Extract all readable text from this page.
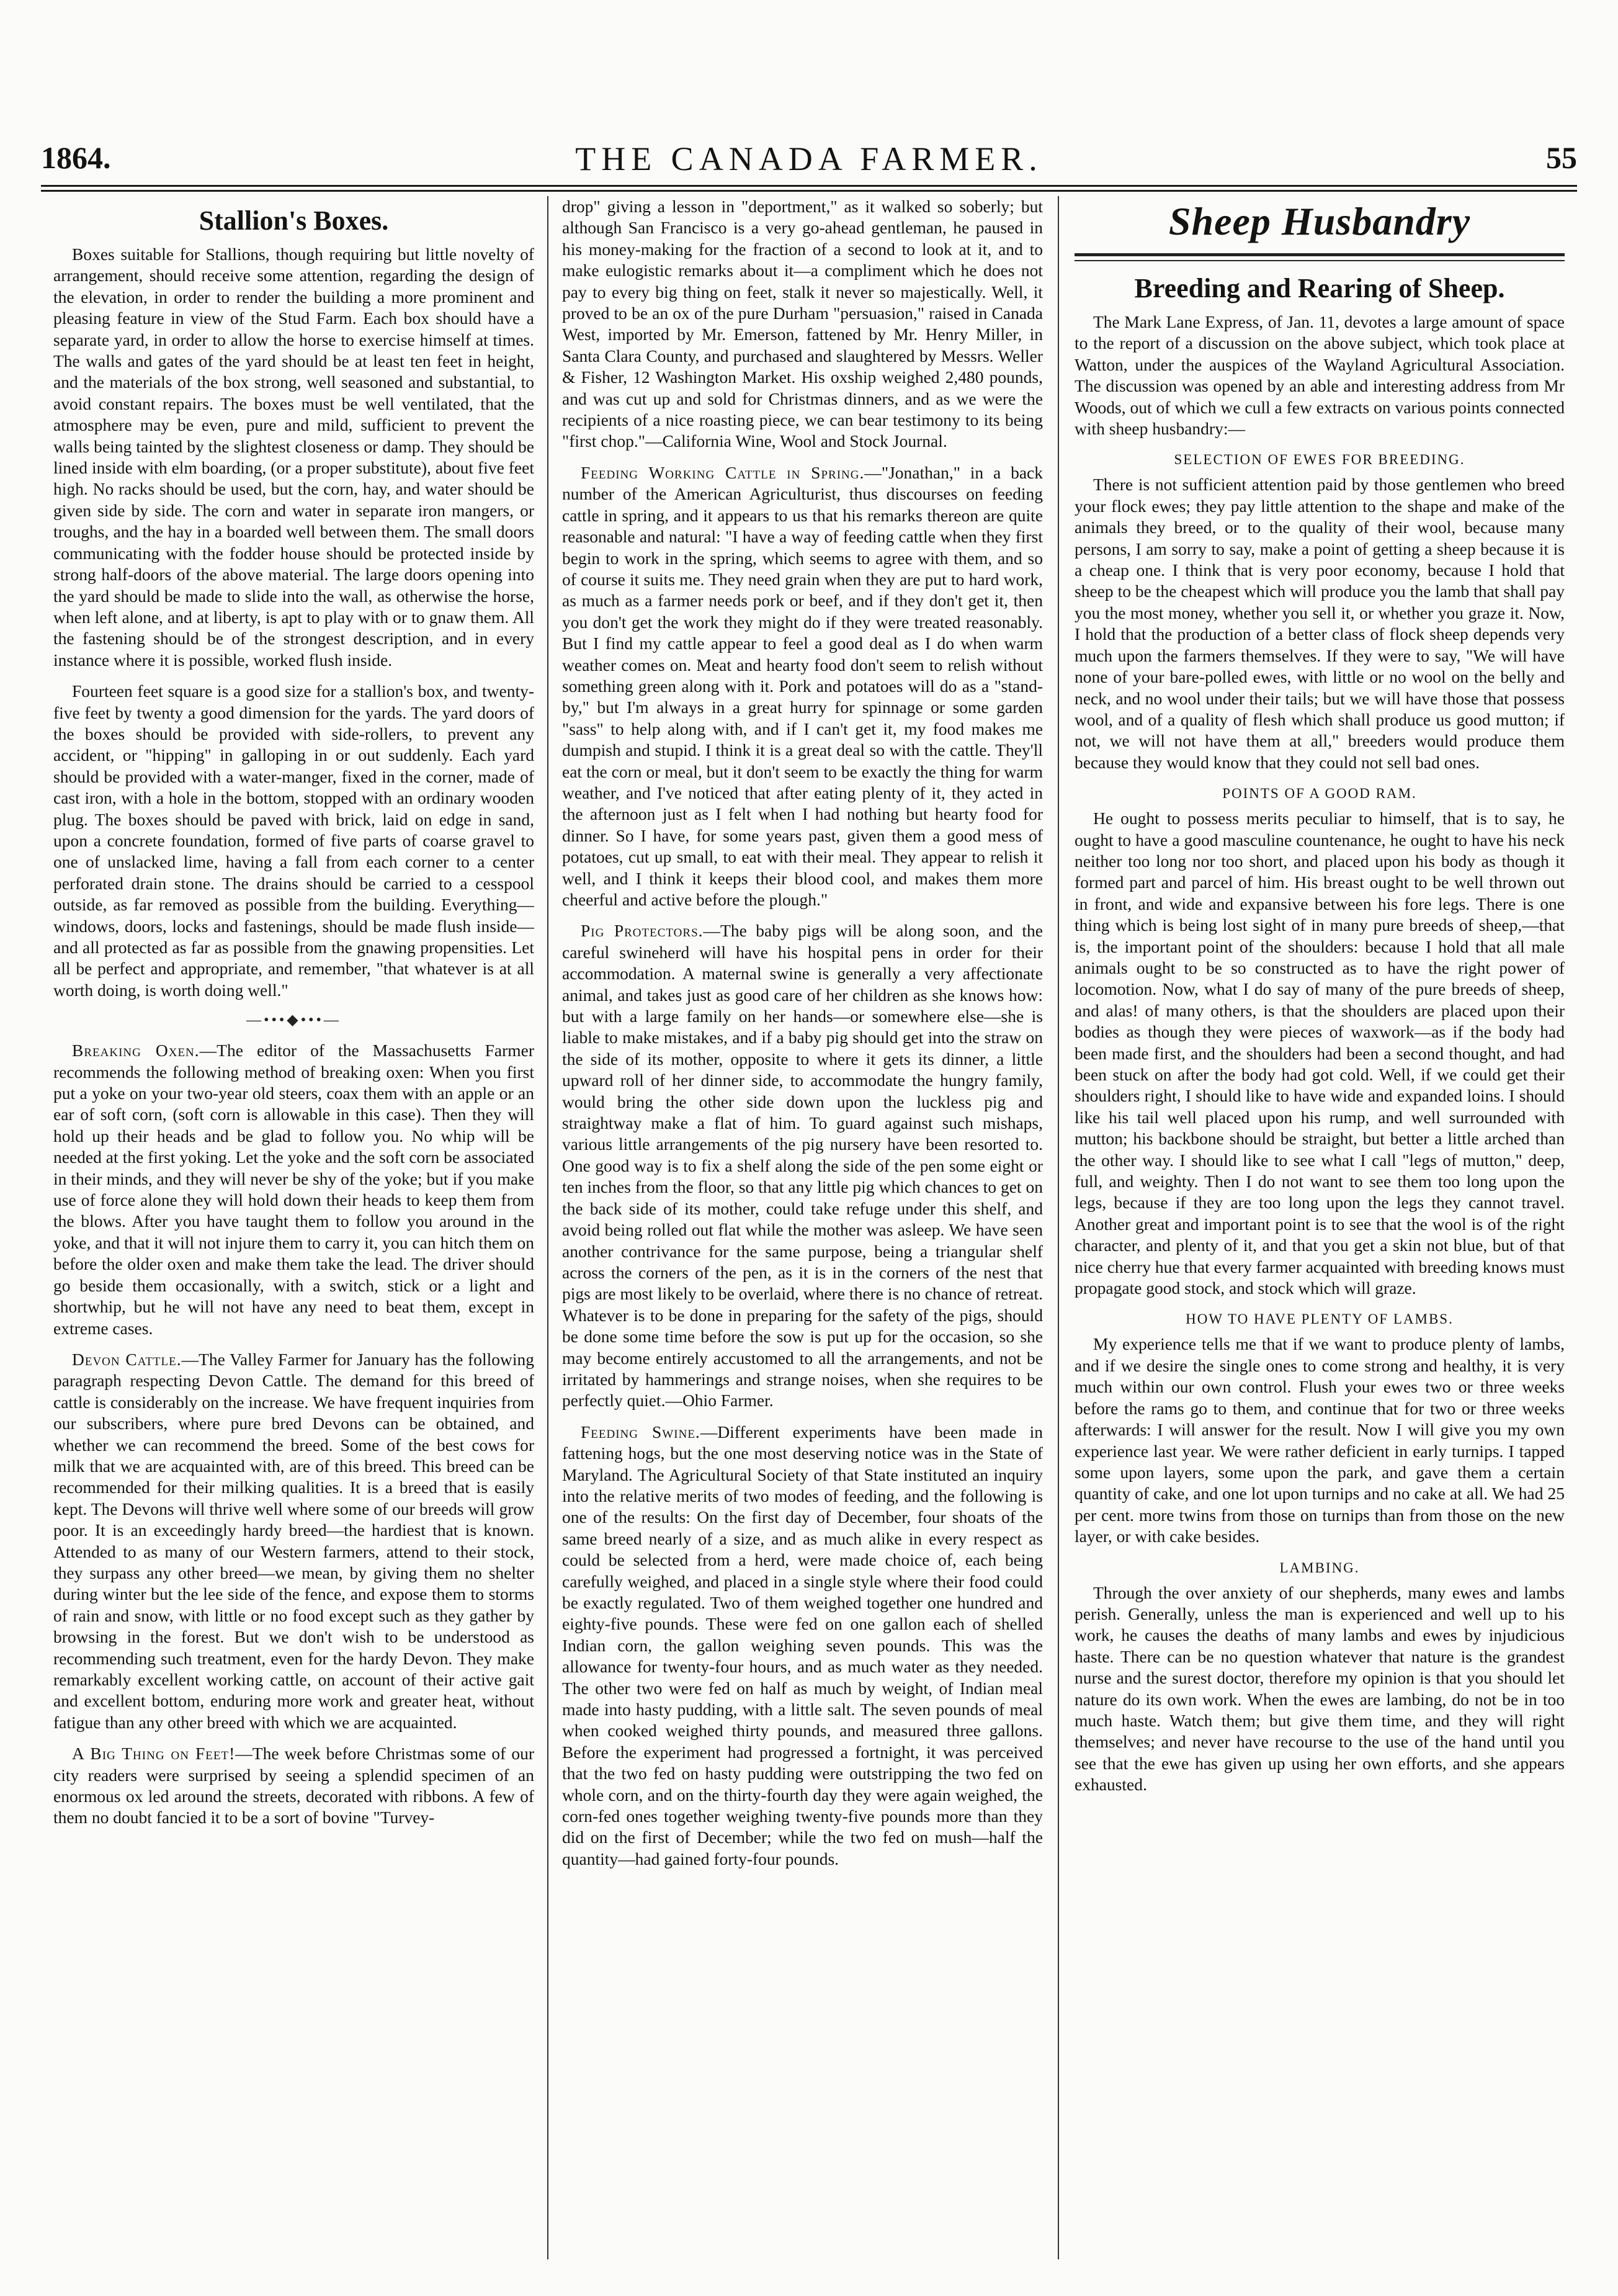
1864.	THE CANADA FARMER.	55
Stallion's Boxes.

Boxes suitable for Stallions, though requiring but little novelty of arrangement, should receive some attention, regarding the design of the elevation, in order to render the building a more prominent and pleasing feature in view of the Stud Farm. Each box should have a separate yard, in order to allow the horse to exercise himself at times. The walls and gates of the yard should be at least ten feet in height, and the materials of the box strong, well seasoned and substantial, to avoid constant repairs. The boxes must be well ventilated, that the atmosphere may be even, pure and mild, sufficient to prevent the walls being tainted by the slightest closeness or damp. They should be lined inside with elm boarding, (or a proper substitute), about five feet high. No racks should be used, but the corn, hay, and water should be given side by side. The corn and water in separate iron mangers, or troughs, and the hay in a boarded well between them. The small doors communicating with the fodder house should be protected inside by strong half-doors of the above material. The large doors opening into the yard should be made to slide into the wall, as otherwise the horse, when left alone, and at liberty, is apt to play with or to gnaw them. All the fastening should be of the strongest description, and in every instance where it is possible, worked flush inside.

Fourteen feet square is a good size for a stallion's box, and twenty-five feet by twenty a good dimension for the yards. The yard doors of the boxes should be provided with side-rollers, to prevent any accident, or "hipping" in galloping in or out suddenly. Each yard should be provided with a water-manger, fixed in the corner, made of cast iron, with a hole in the bottom, stopped with an ordinary wooden plug. The boxes should be paved with brick, laid on edge in sand, upon a concrete foundation, formed of five parts of coarse gravel to one of unslacked lime, having a fall from each corner to a center perforated drain stone. The drains should be carried to a cesspool outside, as far removed as possible from the building. Everything—windows, doors, locks and fastenings, should be made flush inside—and all protected as far as possible from the gnawing propensities. Let all be perfect and appropriate, and remember, "that whatever is at all worth doing, is worth doing well."

—•••◆•••—

Breaking Oxen.—The editor of the Massachusetts Farmer recommends the following method of breaking oxen: When you first put a yoke on your two-year old steers, coax them with an apple or an ear of soft corn, (soft corn is allowable in this case). Then they will hold up their heads and be glad to follow you. No whip will be needed at the first yoking. Let the yoke and the soft corn be associated in their minds, and they will never be shy of the yoke; but if you make use of force alone they will hold down their heads to keep them from the blows. After you have taught them to follow you around in the yoke, and that it will not injure them to carry it, you can hitch them on before the older oxen and make them take the lead. The driver should go beside them occasionally, with a switch, stick or a light and shortwhip, but he will not have any need to beat them, except in extreme cases.

Devon Cattle.—The Valley Farmer for January has the following paragraph respecting Devon Cattle. The demand for this breed of cattle is considerably on the increase. We have frequent inquiries from our subscribers, where pure bred Devons can be obtained, and whether we can recommend the breed. Some of the best cows for milk that we are acquainted with, are of this breed. This breed can be recommended for their milking qualities. It is a breed that is easily kept. The Devons will thrive well where some of our breeds will grow poor. It is an exceedingly hardy breed—the hardiest that is known. Attended to as many of our Western farmers, attend to their stock, they surpass any other breed—we mean, by giving them no shelter during winter but the lee side of the fence, and expose them to storms of rain and snow, with little or no food except such as they gather by browsing in the forest. But we don't wish to be understood as recommending such treatment, even for the hardy Devon. They make remarkably excellent working cattle, on account of their active gait and excellent bottom, enduring more work and greater heat, without fatigue than any other breed with which we are acquainted.

A Big Thing on Feet!—The week before Christmas some of our city readers were surprised by seeing a splendid specimen of an enormous ox led around the streets, decorated with ribbons. A few of them no doubt fancied it to be a sort of bovine "Turvey-

drop" giving a lesson in "deportment," as it walked so soberly; but although San Francisco is a very go-ahead gentleman, he paused in his money-making for the fraction of a second to look at it, and to make eulogistic remarks about it—a compliment which he does not pay to every big thing on feet, stalk it never so majestically. Well, it proved to be an ox of the pure Durham "persuasion," raised in Canada West, imported by Mr. Emerson, fattened by Mr. Henry Miller, in Santa Clara County, and purchased and slaughtered by Messrs. Weller & Fisher, 12 Washington Market. His oxship weighed 2,480 pounds, and was cut up and sold for Christmas dinners, and as we were the recipients of a nice roasting piece, we can bear testimony to its being "first chop."—California Wine, Wool and Stock Journal.

Feeding Working Cattle in Spring.—"Jonathan," in a back number of the American Agriculturist, thus discourses on feeding cattle in spring, and it appears to us that his remarks thereon are quite reasonable and natural: "I have a way of feeding cattle when they first begin to work in the spring, which seems to agree with them, and so of course it suits me. They need grain when they are put to hard work, as much as a farmer needs pork or beef, and if they don't get it, then you don't get the work they might do if they were treated reasonably. But I find my cattle appear to feel a good deal as I do when warm weather comes on. Meat and hearty food don't seem to relish without something green along with it. Pork and potatoes will do as a "stand-by," but I'm always in a great hurry for spinnage or some garden "sass" to help along with, and if I can't get it, my food makes me dumpish and stupid. I think it is a great deal so with the cattle. They'll eat the corn or meal, but it don't seem to be exactly the thing for warm weather, and I've noticed that after eating plenty of it, they acted in the afternoon just as I felt when I had nothing but hearty food for dinner. So I have, for some years past, given them a good mess of potatoes, cut up small, to eat with their meal. They appear to relish it well, and I think it keeps their blood cool, and makes them more cheerful and active before the plough."

Pig Protectors.—The baby pigs will be along soon, and the careful swineherd will have his hospital pens in order for their accommodation. A maternal swine is generally a very affectionate animal, and takes just as good care of her children as she knows how: but with a large family on her hands—or somewhere else—she is liable to make mistakes, and if a baby pig should get into the straw on the side of its mother, opposite to where it gets its dinner, a little upward roll of her dinner side, to accommodate the hungry family, would bring the other side down upon the luckless pig and straightway make a flat of him. To guard against such mishaps, various little arrangements of the pig nursery have been resorted to. One good way is to fix a shelf along the side of the pen some eight or ten inches from the floor, so that any little pig which chances to get on the back side of its mother, could take refuge under this shelf, and avoid being rolled out flat while the mother was asleep. We have seen another contrivance for the same purpose, being a triangular shelf across the corners of the pen, as it is in the corners of the nest that pigs are most likely to be overlaid, where there is no chance of retreat. Whatever is to be done in preparing for the safety of the pigs, should be done some time before the sow is put up for the occasion, so she may become entirely accustomed to all the arrangements, and not be irritated by hammerings and strange noises, when she requires to be perfectly quiet.—Ohio Farmer.

Feeding Swine.—Different experiments have been made in fattening hogs, but the one most deserving notice was in the State of Maryland. The Agricultural Society of that State instituted an inquiry into the relative merits of two modes of feeding, and the following is one of the results: On the first day of December, four shoats of the same breed nearly of a size, and as much alike in every respect as could be selected from a herd, were made choice of, each being carefully weighed, and placed in a single style where their food could be exactly regulated. Two of them weighed together one hundred and eighty-five pounds. These were fed on one gallon each of shelled Indian corn, the gallon weighing seven pounds. This was the allowance for twenty-four hours, and as much water as they needed. The other two were fed on half as much by weight, of Indian meal made into hasty pudding, with a little salt. The seven pounds of meal when cooked weighed thirty pounds, and measured three gallons. Before the experiment had progressed a fortnight, it was perceived that the two fed on hasty pudding were outstripping the two fed on whole corn, and on the thirty-fourth day they were again weighed, the corn-fed ones together weighing twenty-five pounds more than they did on the first of December; while the two fed on mush—half the quantity—had gained forty-four pounds.

Sheep Husbandry
Breeding and Rearing of Sheep.

The Mark Lane Express, of Jan. 11, devotes a large amount of space to the report of a discussion on the above subject, which took place at Watton, under the auspices of the Wayland Agricultural Association. The discussion was opened by an able and interesting address from Mr Woods, out of which we cull a few extracts on various points connected with sheep husbandry:—

SELECTION OF EWES FOR BREEDING.

There is not sufficient attention paid by those gentlemen who breed your flock ewes; they pay little attention to the shape and make of the animals they breed, or to the quality of their wool, because many persons, I am sorry to say, make a point of getting a sheep because it is a cheap one. I think that is very poor economy, because I hold that sheep to be the cheapest which will produce you the lamb that shall pay you the most money, whether you sell it, or whether you graze it. Now, I hold that the production of a better class of flock sheep depends very much upon the farmers themselves. If they were to say, "We will have none of your bare-polled ewes, with little or no wool on the belly and neck, and no wool under their tails; but we will have those that possess wool, and of a quality of flesh which shall produce us good mutton; if not, we will not have them at all," breeders would produce them because they would know that they could not sell bad ones.

POINTS OF A GOOD RAM.

He ought to possess merits peculiar to himself, that is to say, he ought to have a good masculine countenance, he ought to have his neck neither too long nor too short, and placed upon his body as though it formed part and parcel of him. His breast ought to be well thrown out in front, and wide and expansive between his fore legs. There is one thing which is being lost sight of in many pure breeds of sheep,—that is, the important point of the shoulders: because I hold that all male animals ought to be so constructed as to have the right power of locomotion. Now, what I do say of many of the pure breeds of sheep, and alas! of many others, is that the shoulders are placed upon their bodies as though they were pieces of waxwork—as if the body had been made first, and the shoulders had been a second thought, and had been stuck on after the body had got cold. Well, if we could get their shoulders right, I should like to have wide and expanded loins. I should like his tail well placed upon his rump, and well surrounded with mutton; his backbone should be straight, but better a little arched than the other way. I should like to see what I call "legs of mutton," deep, full, and weighty. Then I do not want to see them too long upon the legs, because if they are too long upon the legs they cannot travel. Another great and important point is to see that the wool is of the right character, and plenty of it, and that you get a skin not blue, but of that nice cherry hue that every farmer acquainted with breeding knows must propagate good stock, and stock which will graze.

HOW TO HAVE PLENTY OF LAMBS.

My experience tells me that if we want to produce plenty of lambs, and if we desire the single ones to come strong and healthy, it is very much within our own control. Flush your ewes two or three weeks before the rams go to them, and continue that for two or three weeks afterwards: I will answer for the result. Now I will give you my own experience last year. We were rather deficient in early turnips. I tapped some upon layers, some upon the park, and gave them a certain quantity of cake, and one lot upon turnips and no cake at all. We had 25 per cent. more twins from those on turnips than from those on the new layer, or with cake besides.

LAMBING.

Through the over anxiety of our shepherds, many ewes and lambs perish. Generally, unless the man is experienced and well up to his work, he causes the deaths of many lambs and ewes by injudicious haste. There can be no question whatever that nature is the grandest nurse and the surest doctor, therefore my opinion is that you should let nature do its own work. When the ewes are lambing, do not be in too much haste. Watch them; but give them time, and they will right themselves; and never have recourse to the use of the hand until you see that the ewe has given up using her own efforts, and she appears exhausted.
